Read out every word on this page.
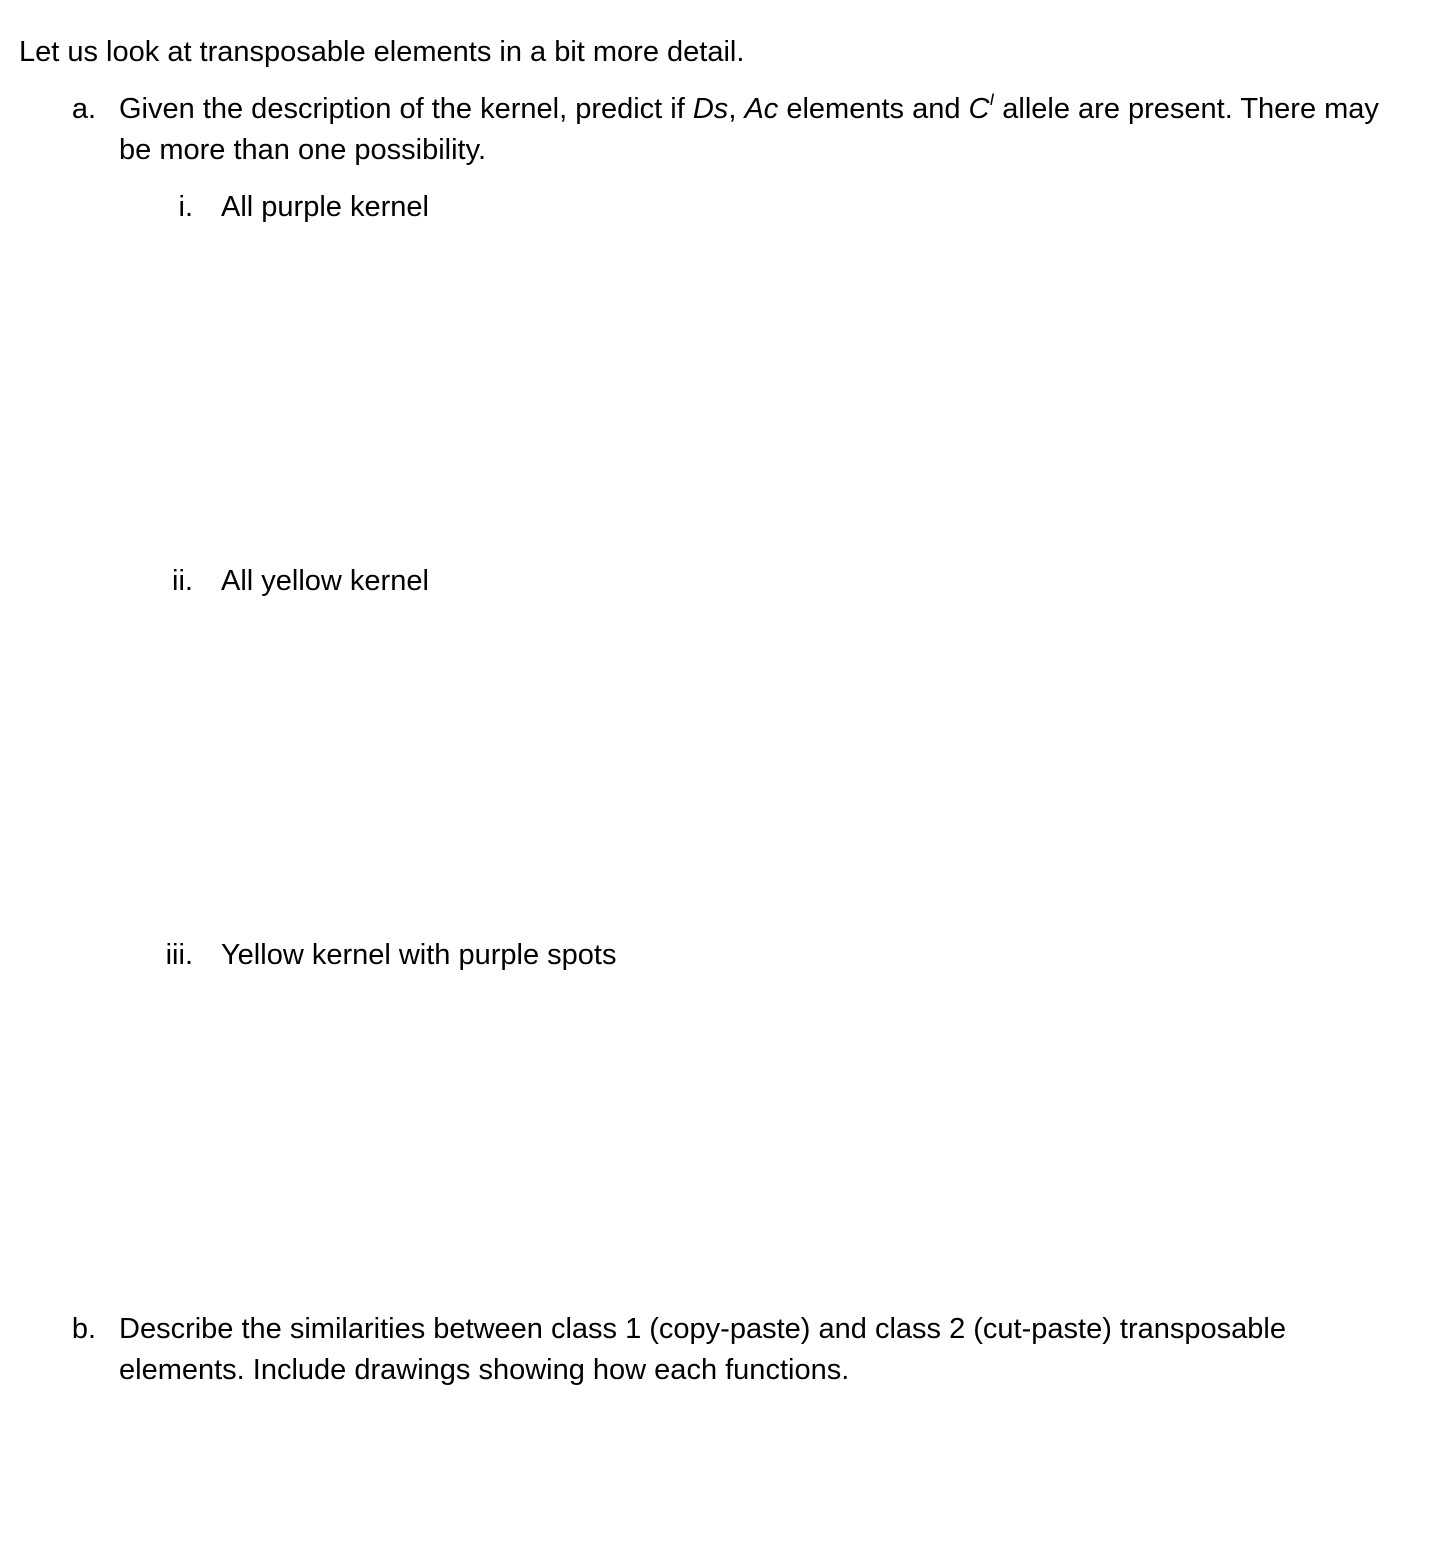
Let us look at transposable elements in a bit more detail.
a. Given the description of the kernel, predict if Ds, Ac elements and $C^I$ allele are present. There may be more than one possibility.
i. All purple kernel
ii. All yellow kernel
iii. Yellow kernel with purple spots
b. Describe the similarities between class 1 (copy-paste) and class 2 (cut-paste) transposable elements. Include drawings showing how each functions.
